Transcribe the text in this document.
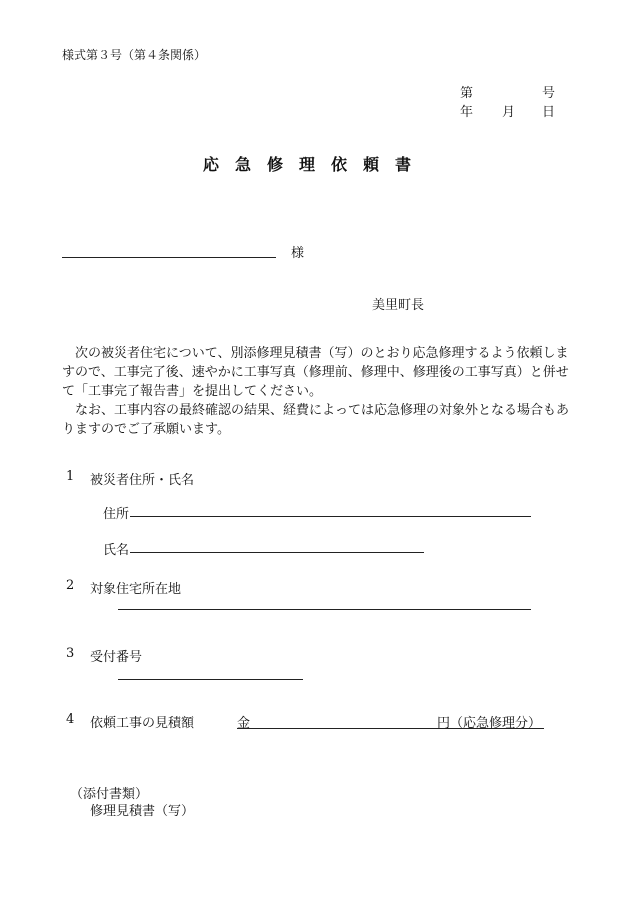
様式第３号（第４条関係）
第	号
年 月 日
応急修理依頼書
様
美里町長

次の被災者住宅について、別添修理見積書（写）のとおり応急修理するよう依頼しますので、工事完了後、速やかに工事写真（修理前、修理中、修理後の工事写真）と併せて「工事完了報告書」を提出してください。

なお、工事内容の最終確認の結果、経費によっては応急修理の対象外となる場合もありますのでご了承願います。

1 被災者住所・氏名
住所
氏名
2 対象住宅所在地
3 受付番号
4 依頼工事の見積額	金	円（応急修理分）
（添付書類）
修理見積書（写）
